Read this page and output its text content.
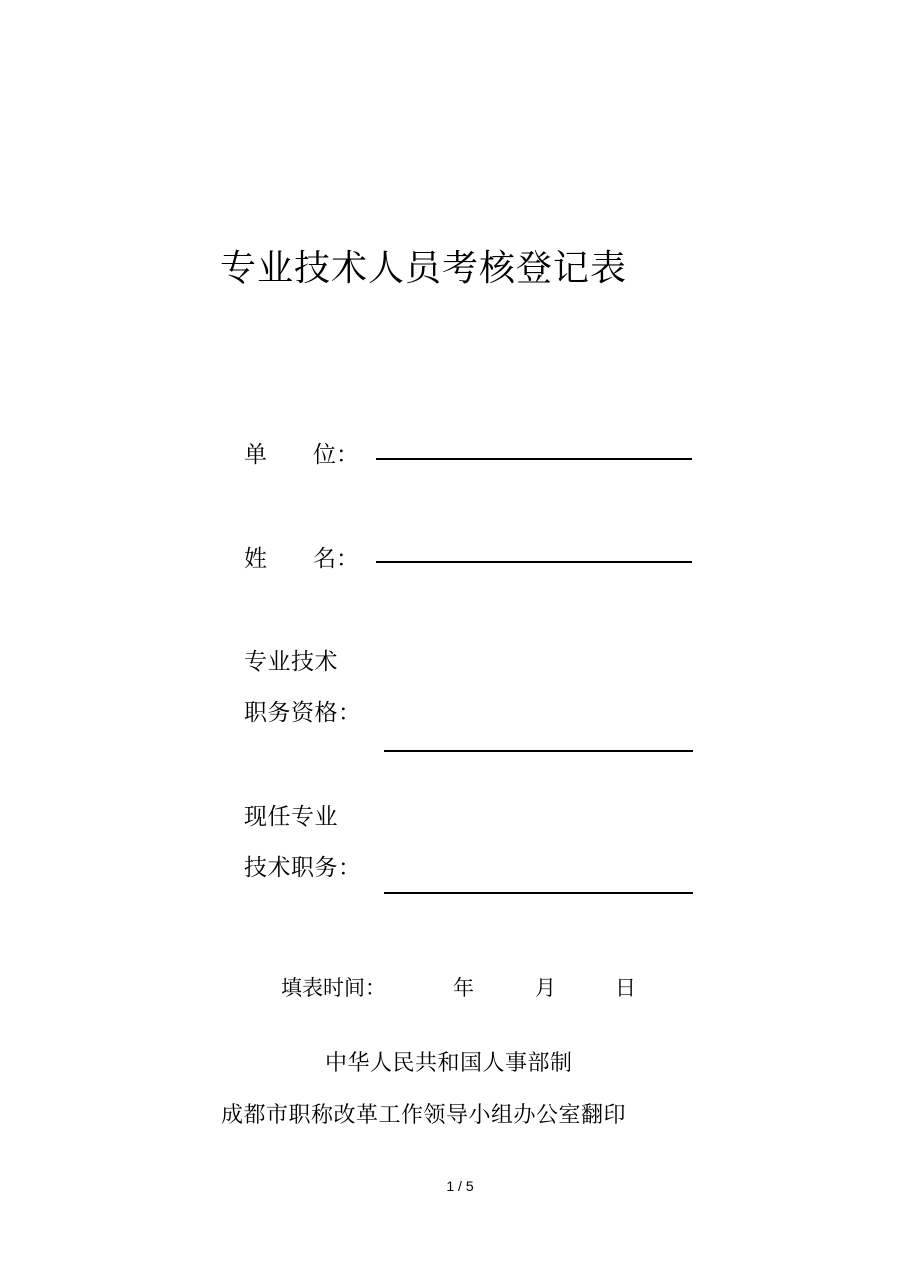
专业技术人员考核登记表
单 位：
姓 名：
专业技术
职务资格：
现任专业
技术职务：
填表时间：	年	月	日
中华人民共和国人事部制
成都市职称改革工作领导小组办公室翻印
1 / 5
